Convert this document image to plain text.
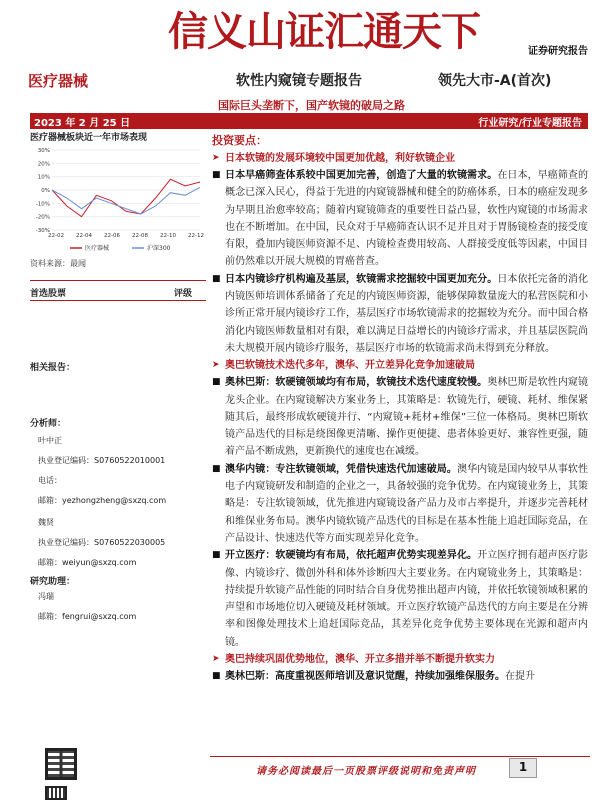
信义山证汇通天下	证券研究报告
医疗器械	软性内窥镜专题报告	领先大市-A(首次)
国际巨头垄断下，国产软镜的破局之路
2023 年 2 月 25 日	行业研究/行业专题报告
医疗器械板块近一年市场表现
30%
20%
10%
0%
-10%
-20%
-30%
22-02 22-04 22-06 22-08 22-10 22-12
医疗器械	沪深300
资料来源：最闻
首选股票	评级
相关报告：
分析师：
叶中正
执业登记编码：S0760522010001
电话：
邮箱：yezhongzheng@sxzq.com
魏贤
执业登记编码：S0760522030005
邮箱：weiyun@sxzq.com
研究助理：
冯瑞
邮箱：fengrui@sxzq.com
投资要点：
➤ 日本软镜的发展环境较中国更加优越，利好软镜企业
■ 日本早癌筛查体系较中国更加完善，创造了大量的软镜需求。在日本，早癌筛查的概念已深入民心，得益于先进的内窥镜器械和健全的防癌体系，日本的癌症发现多为早期且治愈率较高；随着内窥镜筛查的重要性日益凸显，软性内窥镜的市场需求也在不断增加。在中国，民众对于早癌筛查认识不足并且对于胃肠镜检查的接受度有限，叠加内镜医师资源不足、内镜检查费用较高、人群接受度低等因素，中国目前仍然难以开展大规模的胃癌普查。
■ 日本内镜诊疗机构遍及基层，软镜需求挖掘较中国更加充分。日本依托完备的消化内镜医师培训体系储备了充足的内镜医师资源，能够保障数量庞大的私营医院和小诊所正常开展内镜诊疗工作，基层医疗市场软镜需求的挖掘较为充分。而中国合格消化内镜医师数量相对有限，难以满足日益增长的内镜诊疗需求，并且基层医院尚未大规模开展内镜诊疗服务，基层医疗市场的软镜需求尚未得到充分释放。
➤ 奥巴软镜技术迭代多年，澳华、开立差异化竞争加速破局
■ 奥林巴斯：软硬镜领域均有布局，软镜技术迭代速度较慢。奥林巴斯是软性内窥镜龙头企业。在内窥镜解决方案业务上，其策略是：软镜先行，硬镜、耗材、维保紧随其后，最终形成软硬镜并行、“内窥镜+耗材+维保”三位一体格局。奥林巴斯软镜产品迭代的目标是绕图像更清晰、操作更便捷、患者体验更好、兼容性更强，随着产品不断成熟，更新换代的速度也在减缓。
■ 澳华内镜：专注软镜领域，凭借快速迭代加速破局。澳华内镜是国内较早从事软性电子内窥镜研发和制造的企业之一，具备较强的竞争优势。在内窥镜业务上，其策略是：专注软镜领域，优先推进内窥镜设备产品力及市占率提升，并逐步完善耗材和维保业务布局。澳华内镜软镜产品迭代的目标是在基本性能上追赶国际竞品，在产品设计、快速迭代等方面实现差异化竞争。
■ 开立医疗：软硬镜均有布局，依托超声优势实现差异化。开立医疗拥有超声医疗影像、内镜诊疗、微创外科和体外诊断四大主要业务。在内窥镜业务上，其策略是：持续提升软镜产品性能的同时结合自身优势推出超声内镜，并依托软镜领域积累的声望和市场地位切入硬镜及耗材领域。开立医疗软镜产品迭代的方向主要是在分辨率和图像处理技术上追赶国际竞品，其差异化竞争优势主要体现在光源和超声内镜。
➤ 奥巴持续巩固优势地位，澳华、开立多措并举不断提升软实力
■ 奥林巴斯：高度重视医师培训及意识觉醒，持续加强维保服务。在提升
请务必阅读最后一页股票评级说明和免责声明	1
